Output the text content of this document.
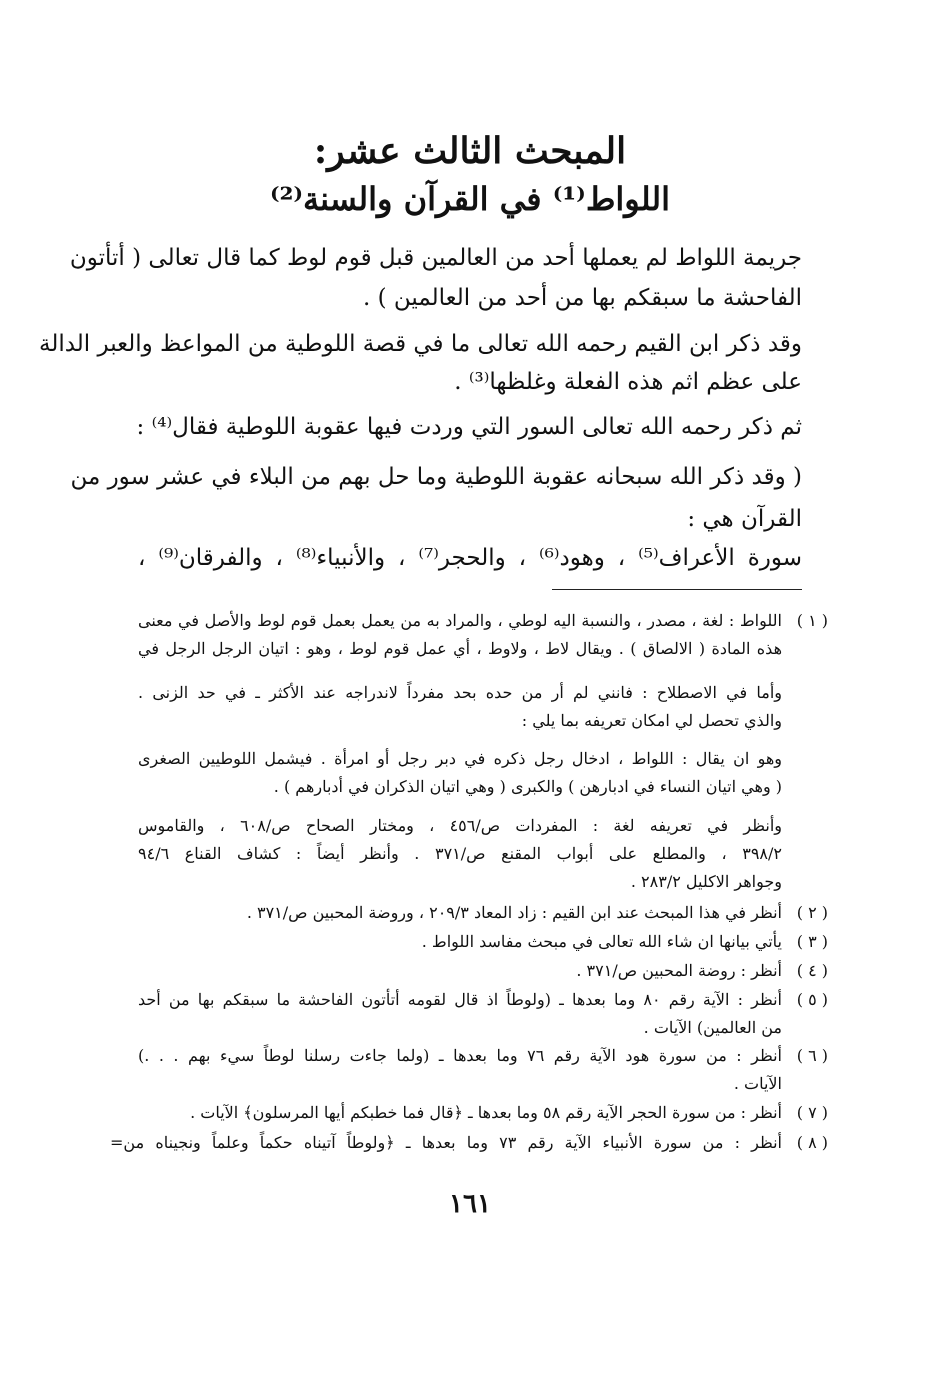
المبحث الثالث عشر:
اللواط⁽¹⁾ في القرآن والسنة⁽²⁾
جريمة اللواط لم يعملها أحد من العالمين قبل قوم لوط كما قال تعالى ( أتأتون
الفاحشة ما سبقكم بها من أحد من العالمين ) .
وقد ذكر ابن القيم رحمه الله تعالى ما في قصة اللوطية من المواعظ والعبر الدالة
على عظم اثم هذه الفعلة وغلظها⁽³⁾ .
ثم ذكر رحمه الله تعالى السور التي وردت فيها عقوبة اللوطية فقال⁽⁴⁾ :
( وقد ذكر الله سبحانه عقوبة اللوطية وما حل بهم من البلاء في عشر سور من
القرآن هي :
سورة الأعراف⁽⁵⁾ ، وهود⁽⁶⁾ ، والحجر⁽⁷⁾ ، والأنبياء⁽⁸⁾ ، والفرقان⁽⁹⁾ ،
( ١ )
( ٢ )
( ٣ )
( ٤ )
( ٥ )
( ٦ )
( ٧ )
( ٨ )
اللواط : لغة ، مصدر ، والنسبة اليه لوطي ، والمراد به من يعمل بعمل قوم لوط والأصل في معنى
هذه المادة ( الالصاق ) . ويقال لاط ، ولاوط ، أي عمل قوم لوط ، وهو : اتيان الرجل الرجل في
وأما في الاصطلاح : فانني لم أر من حده بحد مفرداً لاندراجه عند الأكثر ـ في حد الزنى .
والذي تحصل لي امكان تعريفه بما يلي :
وهو ان يقال : اللواط ، ادخال رجل ذكره في دبر رجل أو امرأة . فيشمل اللوطيين الصغرى
( وهي اتيان النساء في ادبارهن ) والكبرى ( وهي اتيان الذكران في أدبارهم ) .
وأنظر في تعريفه لغة : المفردات ص/٤٥٦ ، ومختار الصحاح ص/٦٠٨ ، والقاموس
٣٩٨/٢ ، والمطلع على أبواب المقنع ص/٣٧١ . وأنظر أيضاً : كشاف القناع ٩٤/٦
وجواهر الاكليل ٢٨٣/٢ .
أنظر في هذا المبحث عند ابن القيم : زاد المعاد ٢٠٩/٣ ، وروضة المحبين ص/٣٧١ .
يأتي بيانها ان شاء الله تعالى في مبحث مفاسد اللواط .
أنظر : روضة المحبين ص/٣٧١ .
أنظر : الآية رقم ٨٠ وما بعدها ـ (ولوطاً اذ قال لقومه أتأتون الفاحشة ما سبقكم بها من أحد
من العالمين) الآيات .
أنظر : من سورة هود الآية رقم ٧٦ وما بعدها ـ (ولما جاءت رسلنا لوطاً سيء بهم . . .)
الآيات .
أنظر : من سورة الحجر الآية رقم ٥٨ وما بعدها ـ ﴿قال فما خطبكم أيها المرسلون﴾ الآيات .
أنظر : من سورة الأنبياء الآية رقم ٧٣ وما بعدها ـ ﴿ولوطاً آتيناه حكماً وعلماً ونجيناه من=
١٦١
